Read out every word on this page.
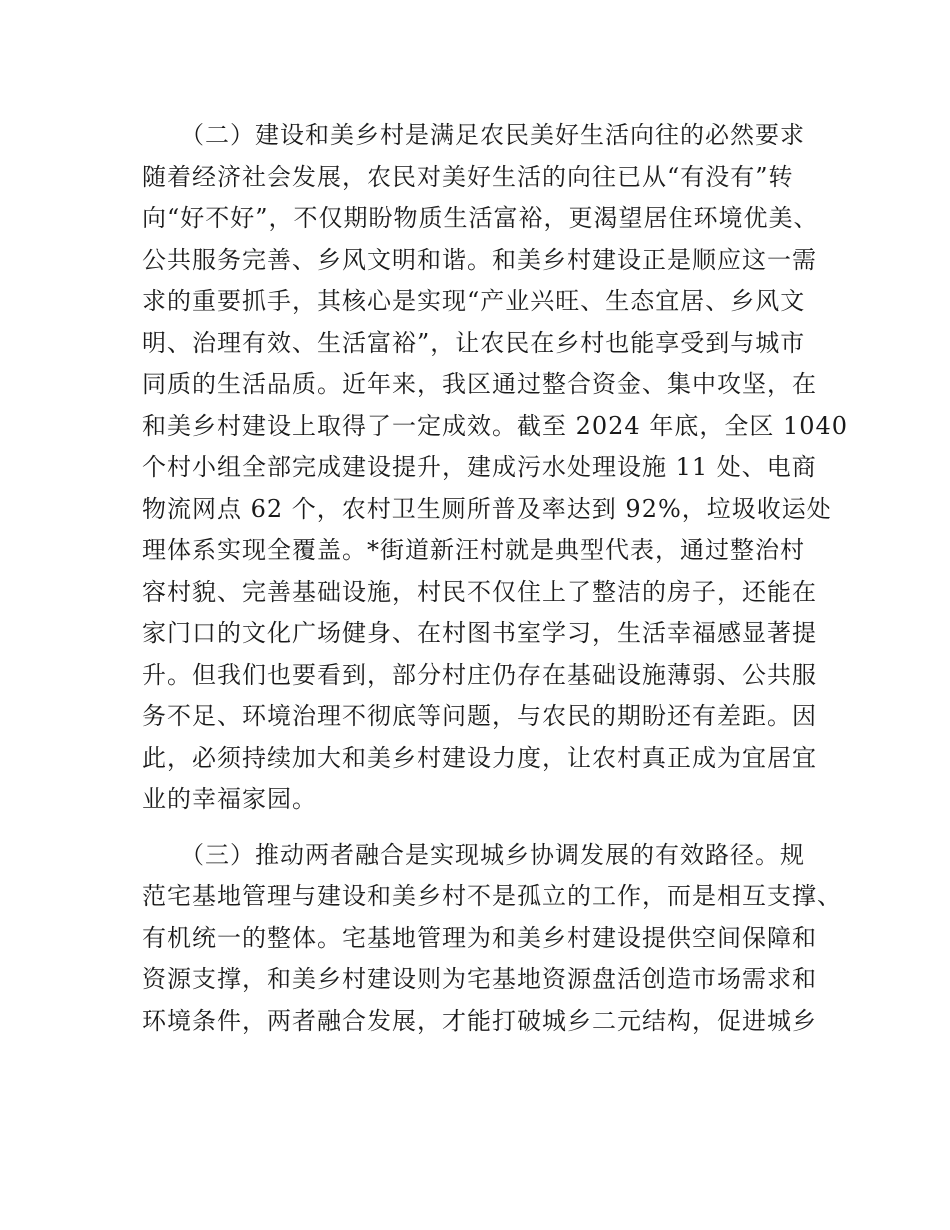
　　（二）建设和美乡村是满足农民美好生活向往的必然要求
随着经济社会发展，农民对美好生活的向往已从“有没有”转
向“好不好”，不仅期盼物质生活富裕，更渴望居住环境优美、
公共服务完善、乡风文明和谐。和美乡村建设正是顺应这一需
求的重要抓手，其核心是实现“产业兴旺、生态宜居、乡风文
明、治理有效、生活富裕”，让农民在乡村也能享受到与城市
同质的生活品质。近年来，我区通过整合资金、集中攻坚，在
和美乡村建设上取得了一定成效。截至 2024 年底，全区 1040
个村小组全部完成建设提升，建成污水处理设施 11 处、电商
物流网点 62 个，农村卫生厕所普及率达到 92%，垃圾收运处
理体系实现全覆盖。*街道新汪村就是典型代表，通过整治村
容村貌、完善基础设施，村民不仅住上了整洁的房子，还能在
家门口的文化广场健身、在村图书室学习，生活幸福感显著提
升。但我们也要看到，部分村庄仍存在基础设施薄弱、公共服
务不足、环境治理不彻底等问题，与农民的期盼还有差距。因
此，必须持续加大和美乡村建设力度，让农村真正成为宜居宜
业的幸福家园。
　　（三）推动两者融合是实现城乡协调发展的有效路径。规
范宅基地管理与建设和美乡村不是孤立的工作，而是相互支撑、
有机统一的整体。宅基地管理为和美乡村建设提供空间保障和
资源支撑，和美乡村建设则为宅基地资源盘活创造市场需求和
环境条件，两者融合发展，才能打破城乡二元结构，促进城乡
